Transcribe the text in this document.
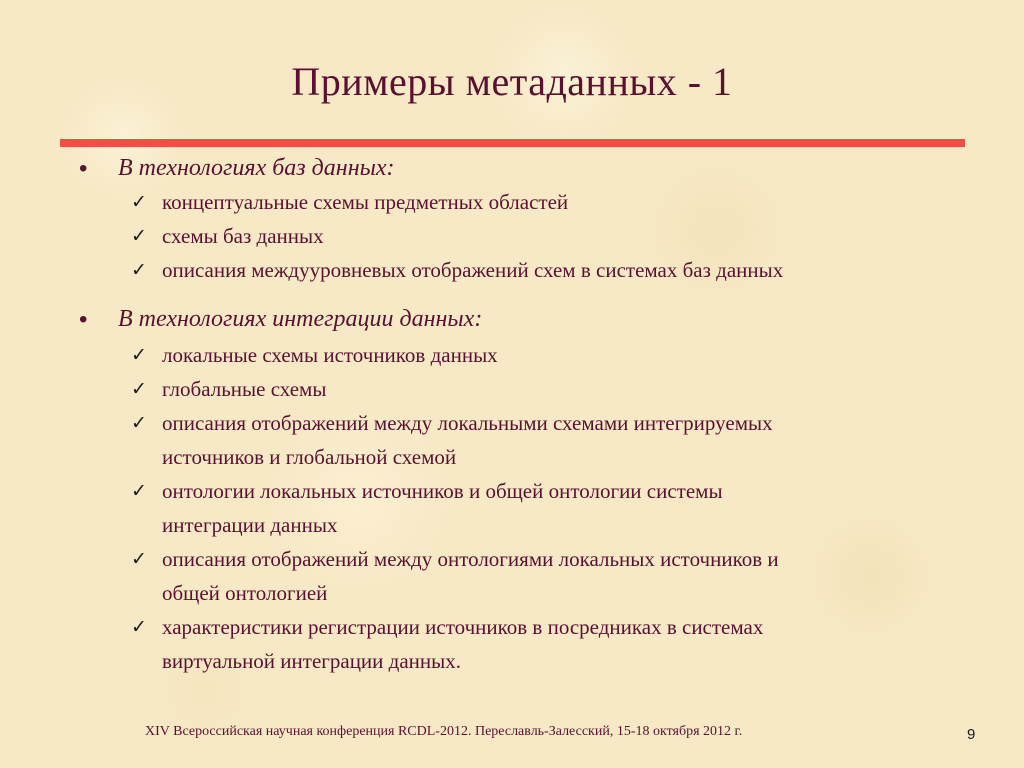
Примеры метаданных - 1
• В технологиях баз данных:
✓ концептуальные схемы предметных областей
✓ схемы баз данных
✓ описания междууровневых отображений схем в системах баз данных
• В технологиях интеграции данных:
✓ локальные схемы источников данных
✓ глобальные схемы
✓ описания отображений между локальными схемами интегрируемых
источников и глобальной схемой
✓ онтологии локальных источников и общей онтологии системы
интеграции данных
✓ описания отображений между онтологиями локальных источников и
общей онтологией
✓ характеристики регистрации источников в посредниках в системах
виртуальной интеграции данных.
XIV Всероссийская научная конференция RCDL-2012. Переславль-Залесский, 15-18 октября 2012 г.	9
